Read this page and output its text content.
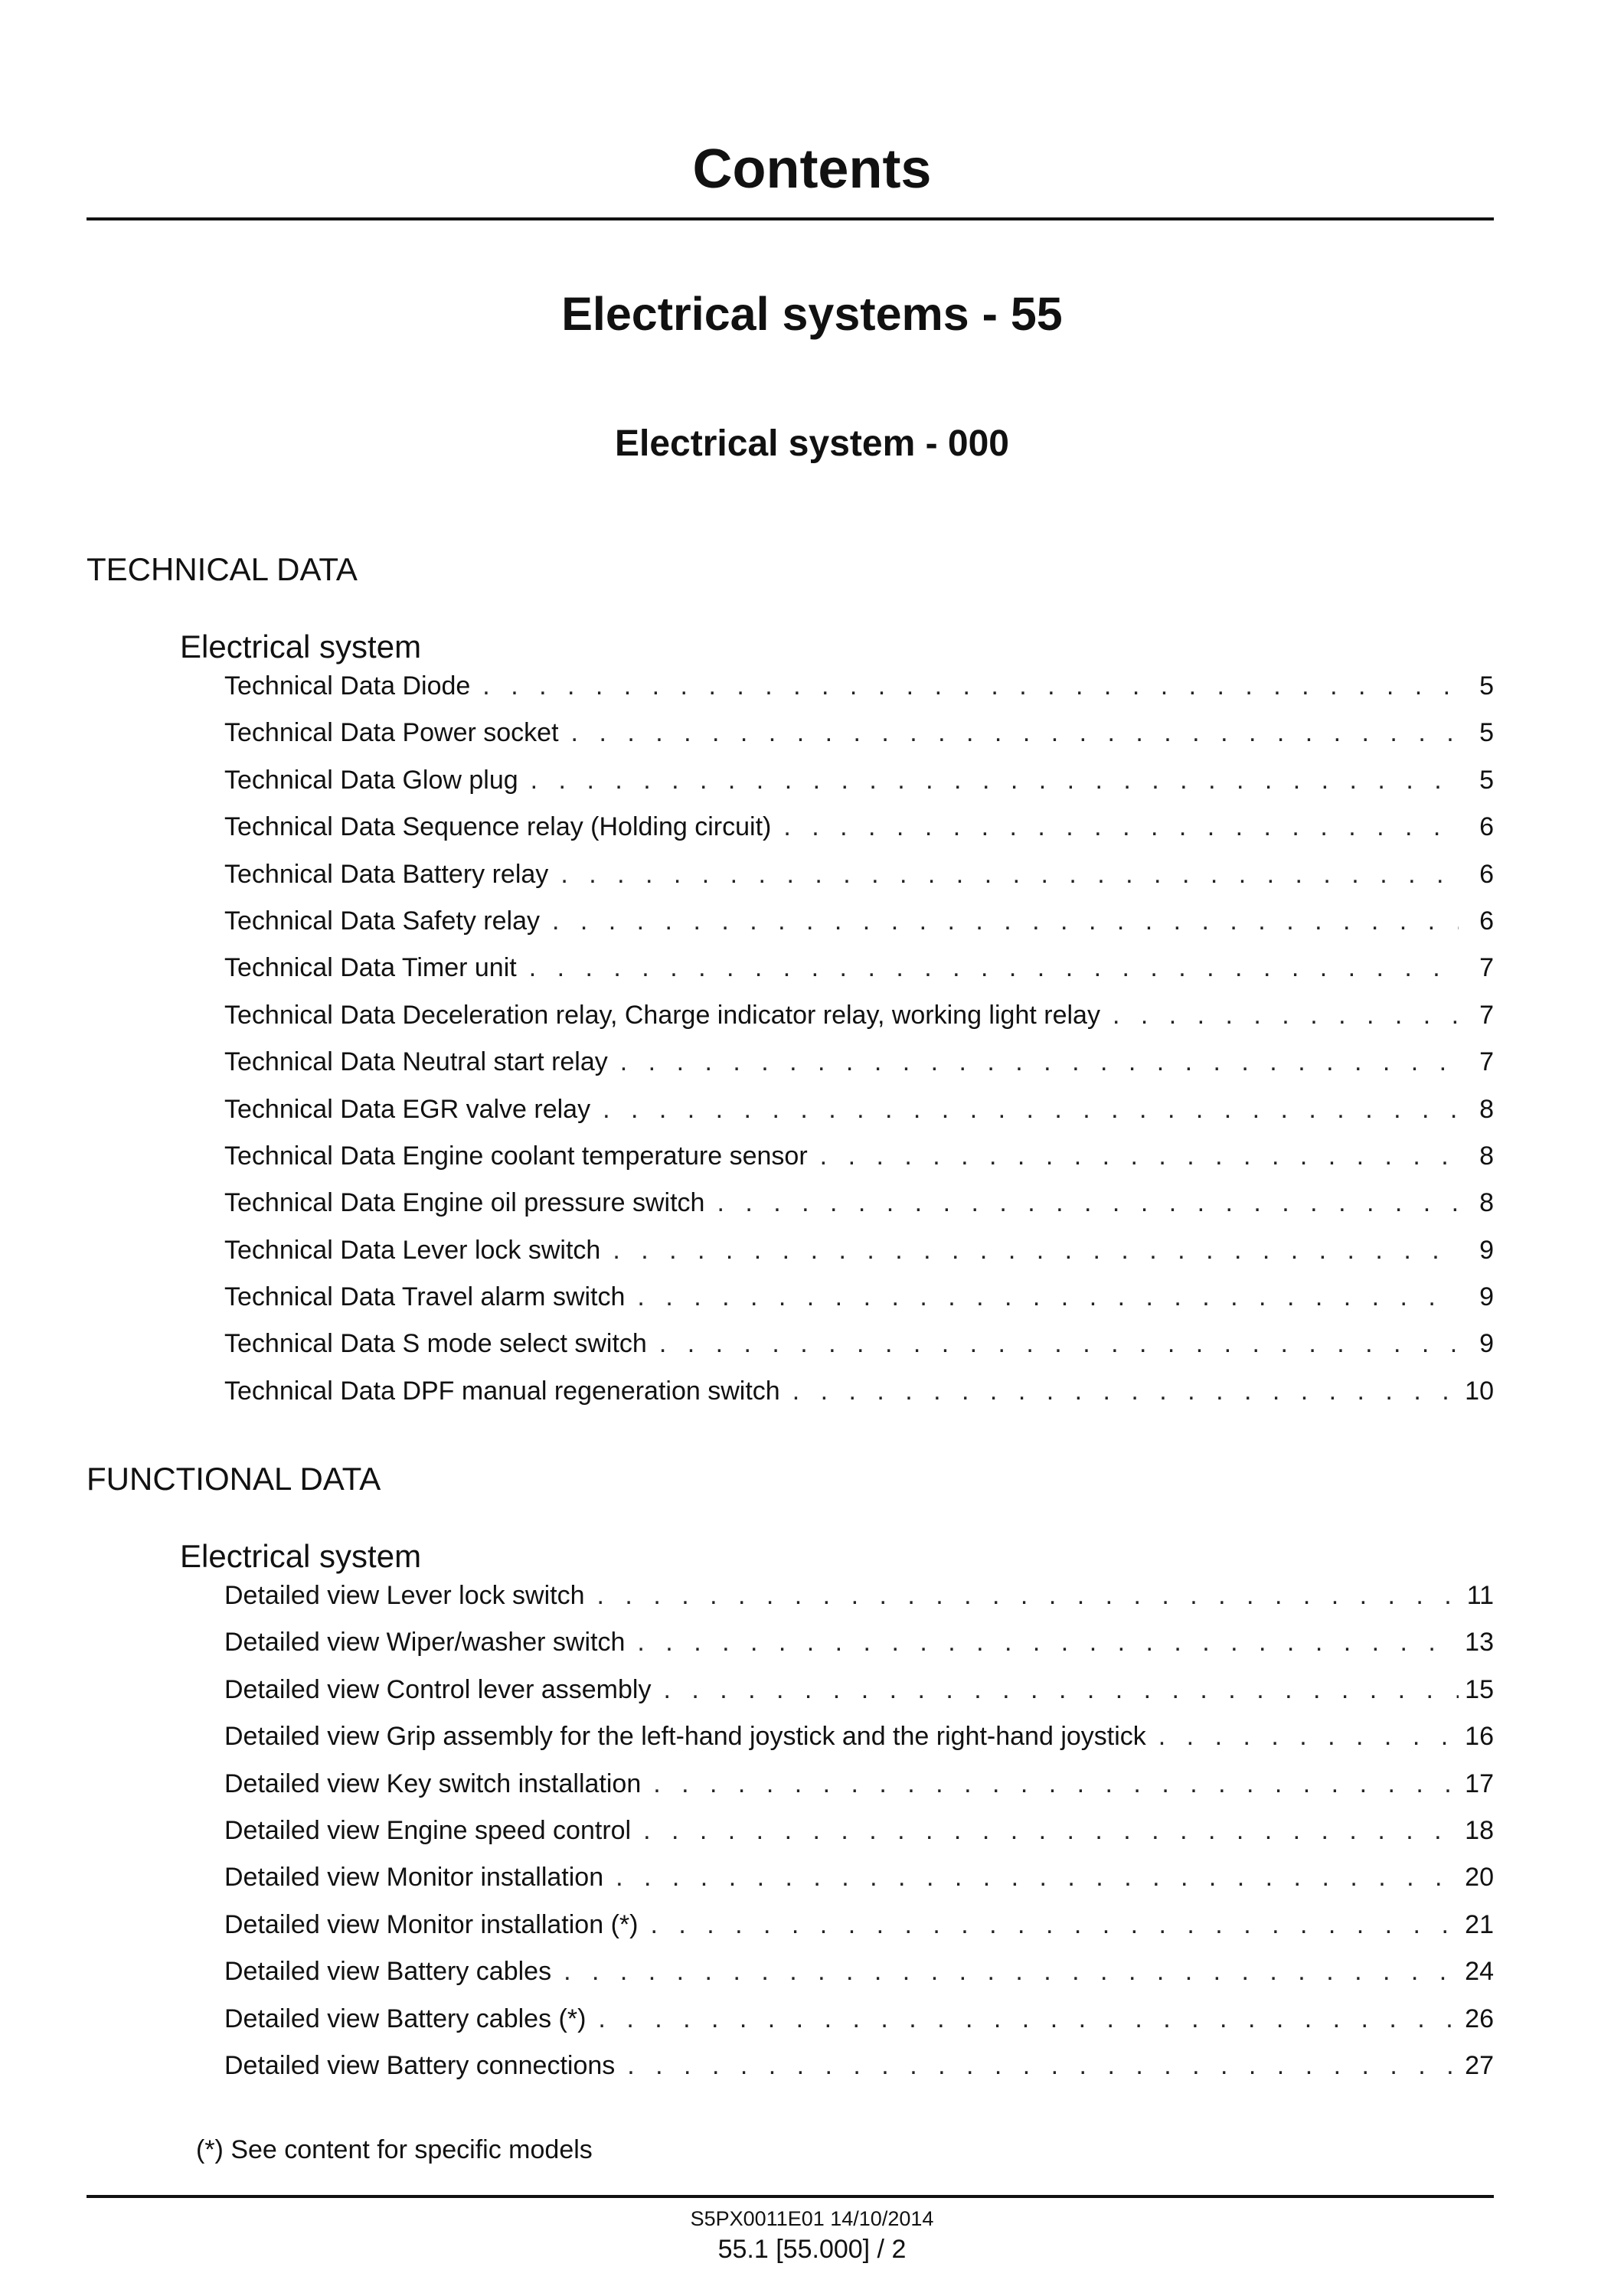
Contents
Electrical systems - 55
Electrical system - 000
TECHNICAL DATA
Electrical system
Technical Data Diode . . .	5
Technical Data Power socket . . .	5
Technical Data Glow plug . . .	5
Technical Data Sequence relay (Holding circuit) . . .	6
Technical Data Battery relay . . .	6
Technical Data Safety relay . . .	6
Technical Data Timer unit . . .	7
Technical Data Deceleration relay, Charge indicator relay, working light relay . . .	7
Technical Data Neutral start relay . . .	7
Technical Data EGR valve relay . . .	8
Technical Data Engine coolant temperature sensor . . .	8
Technical Data Engine oil pressure switch . . .	8
Technical Data Lever lock switch . . .	9
Technical Data Travel alarm switch . . .	9
Technical Data S mode select switch . . .	9
Technical Data DPF manual regeneration switch . . .	10
FUNCTIONAL DATA
Electrical system
Detailed view Lever lock switch . . .	11
Detailed view Wiper/washer switch . . .	13
Detailed view Control lever assembly . . .	15
Detailed view Grip assembly for the left-hand joystick and the right-hand joystick . . .	16
Detailed view Key switch installation . . .	17
Detailed view Engine speed control . . .	18
Detailed view Monitor installation . . .	20
Detailed view Monitor installation (*) . . .	21
Detailed view Battery cables . . .	24
Detailed view Battery cables (*) . . .	26
Detailed view Battery connections . . .	27
(*) See content for specific models
S5PX0011E01 14/10/2014
55.1 [55.000] / 2
